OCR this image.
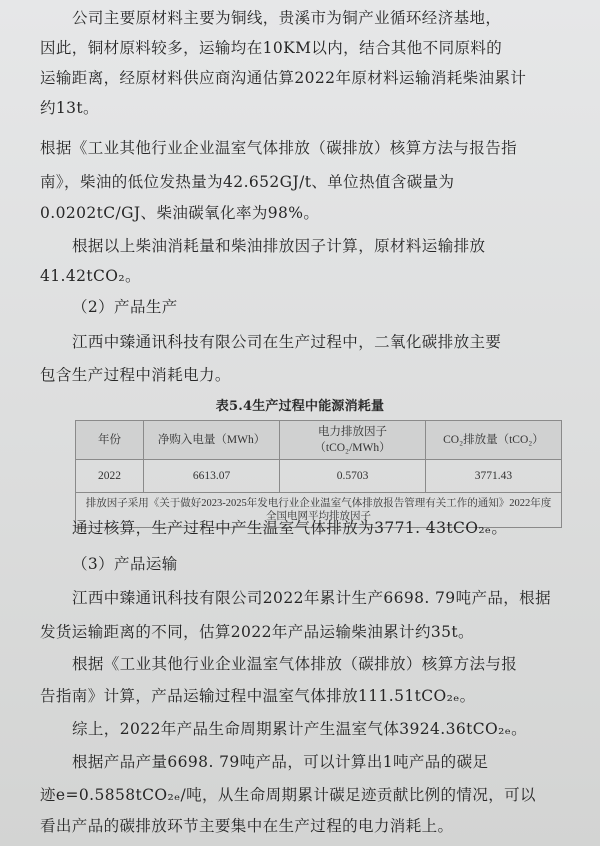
公司主要原材料主要为铜线，贵溪市为铜产业循环经济基地，
因此，铜材原料较多，运输均在10KM以内，结合其他不同原料的
运输距离，经原材料供应商沟通估算2022年原材料运输消耗柴油累计
约13t。
根据《工业其他行业企业温室气体排放（碳排放）核算方法与报告指
南》，柴油的低位发热量为42.652GJ/t、单位热值含碳量为
0.0202tC/GJ、柴油碳氧化率为98%。
根据以上柴油消耗量和柴油排放因子计算，原材料运输排放
41.42tCO₂。
（2）产品生产
江西中臻通讯科技有限公司在生产过程中，二氧化碳排放主要
包含生产过程中消耗电力。
表5.4生产过程中能源消耗量
年份	净购入电量（MWh）	电力排放因子（tCO₂/MWh）	CO₂排放量（tCO₂）
2022	6613.07	0.5703	3771.43
排放因子采用《关于做好2023-2025年发电行业企业温室气体排放报告管理有关工作的通知》2022年度全国电网平均排放因子			
通过核算，生产过程中产生温室气体排放为3771. 43tCO₂ₑ。
（3）产品运输
江西中臻通讯科技有限公司2022年累计生产6698. 79吨产品，根据
发货运输距离的不同，估算2022年产品运输柴油累计约35t。
根据《工业其他行业企业温室气体排放（碳排放）核算方法与报
告指南》计算，产品运输过程中温室气体排放111.51tCO₂ₑ。
综上，2022年产品生命周期累计产生温室气体3924.36tCO₂ₑ。
根据产品产量6698. 79吨产品，可以计算出1吨产品的碳足
迹e=0.5858tCO₂ₑ/吨，从生命周期累计碳足迹贡献比例的情况，可以
看出产品的碳排放环节主要集中在生产过程的电力消耗上。
